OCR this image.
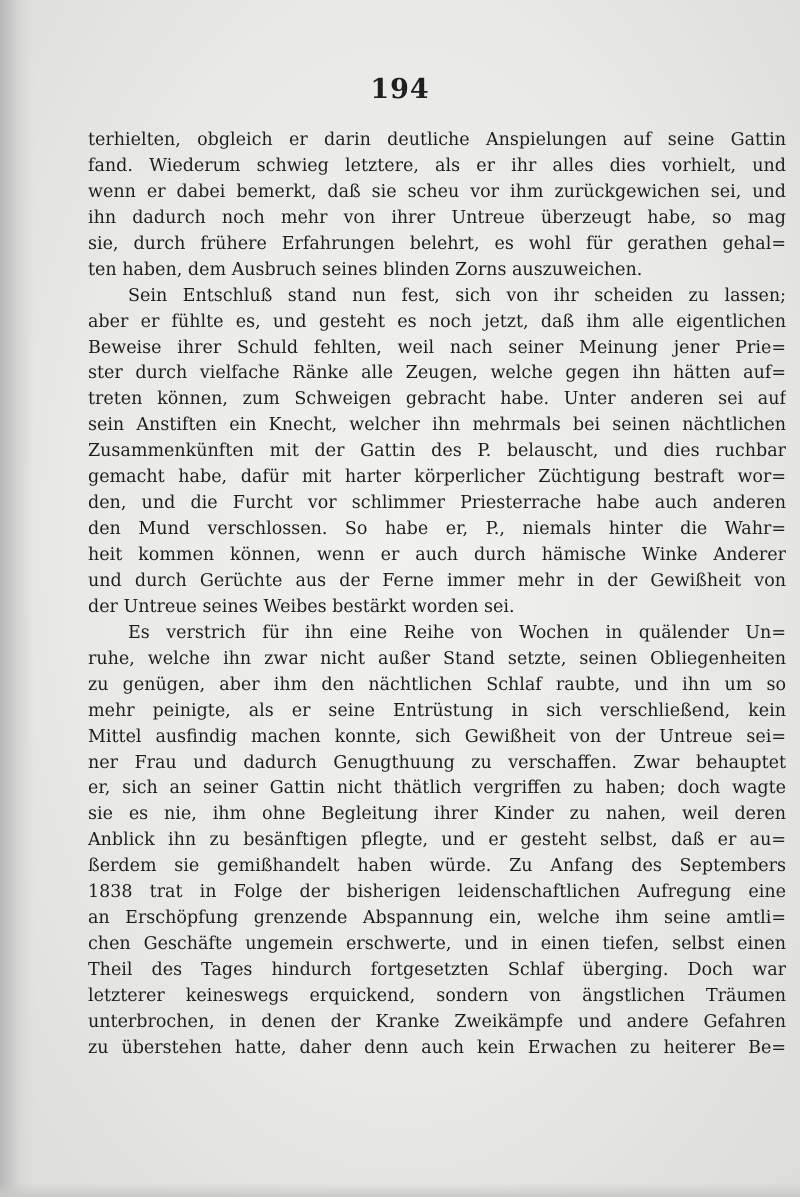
194
terhielten, obgleich er darin deutliche Anspielungen auf seine Gattin
fand. Wiederum schwieg letztere, als er ihr alles dies vorhielt, und
wenn er dabei bemerkt, daß sie scheu vor ihm zurückgewichen sei, und
ihn dadurch noch mehr von ihrer Untreue überzeugt habe, so mag
sie, durch frühere Erfahrungen belehrt, es wohl für gerathen gehal=
ten haben, dem Ausbruch seines blinden Zorns auszuweichen.
Sein Entschluß stand nun fest, sich von ihr scheiden zu lassen;
aber er fühlte es, und gesteht es noch jetzt, daß ihm alle eigentlichen
Beweise ihrer Schuld fehlten, weil nach seiner Meinung jener Prie=
ster durch vielfache Ränke alle Zeugen, welche gegen ihn hätten auf=
treten können, zum Schweigen gebracht habe. Unter anderen sei auf
sein Anstiften ein Knecht, welcher ihn mehrmals bei seinen nächtlichen
Zusammenkünften mit der Gattin des P. belauscht, und dies ruchbar
gemacht habe, dafür mit harter körperlicher Züchtigung bestraft wor=
den, und die Furcht vor schlimmer Priesterrache habe auch anderen
den Mund verschlossen. So habe er, P., niemals hinter die Wahr=
heit kommen können, wenn er auch durch hämische Winke Anderer
und durch Gerüchte aus der Ferne immer mehr in der Gewißheit von
der Untreue seines Weibes bestärkt worden sei.
Es verstrich für ihn eine Reihe von Wochen in quälender Un=
ruhe, welche ihn zwar nicht außer Stand setzte, seinen Obliegenheiten
zu genügen, aber ihm den nächtlichen Schlaf raubte, und ihn um so
mehr peinigte, als er seine Entrüstung in sich verschließend, kein
Mittel ausfindig machen konnte, sich Gewißheit von der Untreue sei=
ner Frau und dadurch Genugthuung zu verschaffen. Zwar behauptet
er, sich an seiner Gattin nicht thätlich vergriffen zu haben; doch wagte
sie es nie, ihm ohne Begleitung ihrer Kinder zu nahen, weil deren
Anblick ihn zu besänftigen pflegte, und er gesteht selbst, daß er au=
ßerdem sie gemißhandelt haben würde. Zu Anfang des Septembers
1838 trat in Folge der bisherigen leidenschaftlichen Aufregung eine
an Erschöpfung grenzende Abspannung ein, welche ihm seine amtli=
chen Geschäfte ungemein erschwerte, und in einen tiefen, selbst einen
Theil des Tages hindurch fortgesetzten Schlaf überging. Doch war
letzterer keineswegs erquickend, sondern von ängstlichen Träumen
unterbrochen, in denen der Kranke Zweikämpfe und andere Gefahren
zu überstehen hatte, daher denn auch kein Erwachen zu heiterer Be=
